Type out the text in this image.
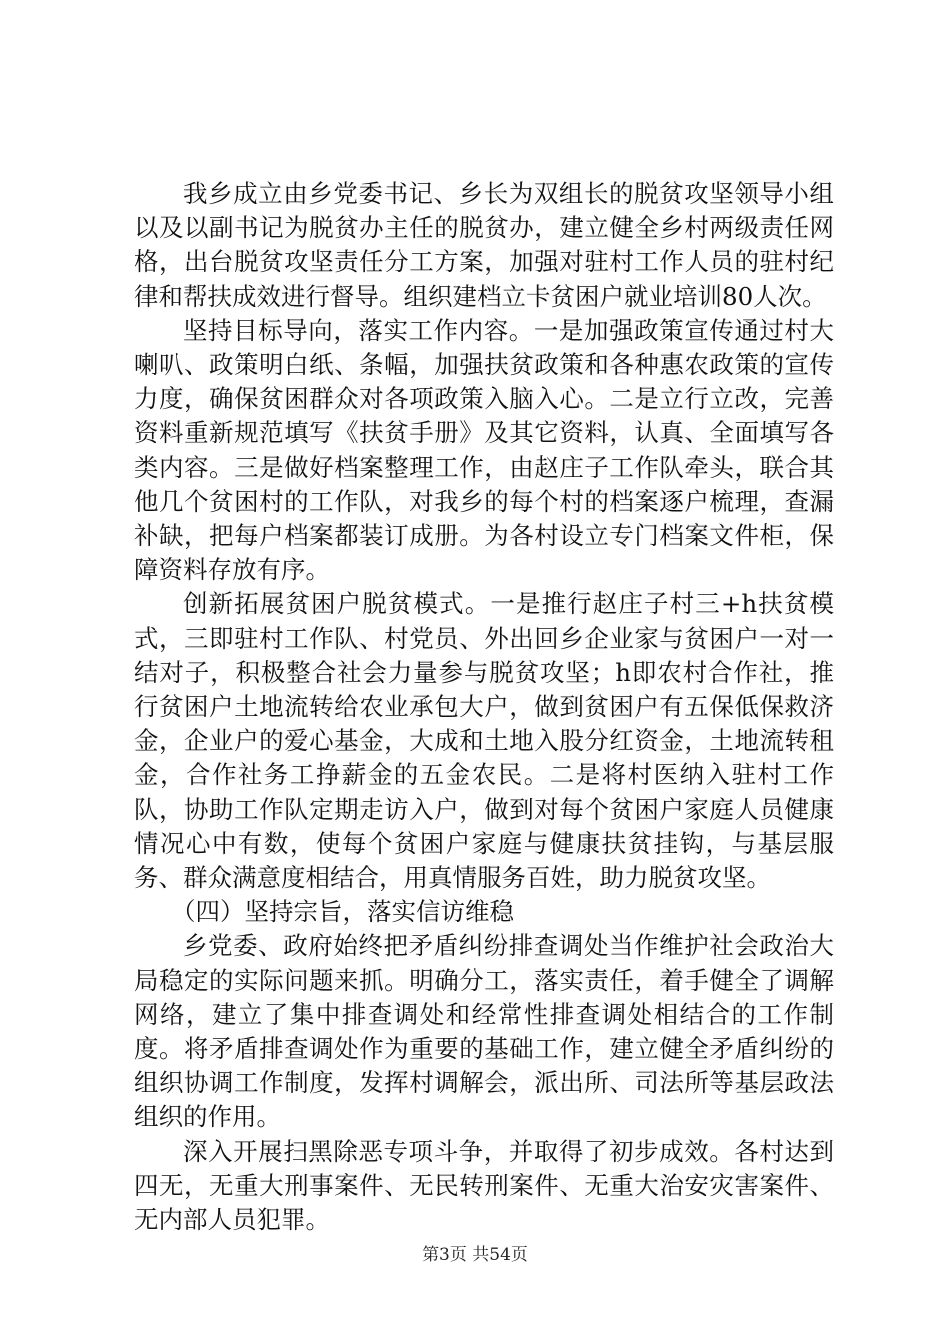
我乡成立由乡党委书记、乡长为双组长的脱贫攻坚领导小组以及以副书记为脱贫办主任的脱贫办，建立健全乡村两级责任网格，出台脱贫攻坚责任分工方案，加强对驻村工作人员的驻村纪律和帮扶成效进行督导。组织建档立卡贫困户就业培训80人次。

坚持目标导向，落实工作内容。一是加强政策宣传通过村大喇叭、政策明白纸、条幅，加强扶贫政策和各种惠农政策的宣传力度，确保贫困群众对各项政策入脑入心。二是立行立改，完善资料重新规范填写《扶贫手册》及其它资料，认真、全面填写各类内容。三是做好档案整理工作，由赵庄子工作队牵头，联合其他几个贫困村的工作队，对我乡的每个村的档案逐户梳理，查漏补缺，把每户档案都装订成册。为各村设立专门档案文件柜，保障资料存放有序。

创新拓展贫困户脱贫模式。一是推行赵庄子村三+h扶贫模式，三即驻村工作队、村党员、外出回乡企业家与贫困户一对一结对子，积极整合社会力量参与脱贫攻坚；h即农村合作社，推行贫困户土地流转给农业承包大户，做到贫困户有五保低保救济金，企业户的爱心基金，大成和土地入股分红资金，土地流转租金，合作社务工挣薪金的五金农民。二是将村医纳入驻村工作队，协助工作队定期走访入户，做到对每个贫困户家庭人员健康情况心中有数，使每个贫困户家庭与健康扶贫挂钩，与基层服务、群众满意度相结合，用真情服务百姓，助力脱贫攻坚。

（四）坚持宗旨，落实信访维稳

乡党委、政府始终把矛盾纠纷排查调处当作维护社会政治大局稳定的实际问题来抓。明确分工，落实责任，着手健全了调解网络，建立了集中排查调处和经常性排查调处相结合的工作制度。将矛盾排查调处作为重要的基础工作，建立健全矛盾纠纷的组织协调工作制度，发挥村调解会，派出所、司法所等基层政法组织的作用。

深入开展扫黑除恶专项斗争，并取得了初步成效。各村达到四无，无重大刑事案件、无民转刑案件、无重大治安灾害案件、无内部人员犯罪。

第3页 共54页
